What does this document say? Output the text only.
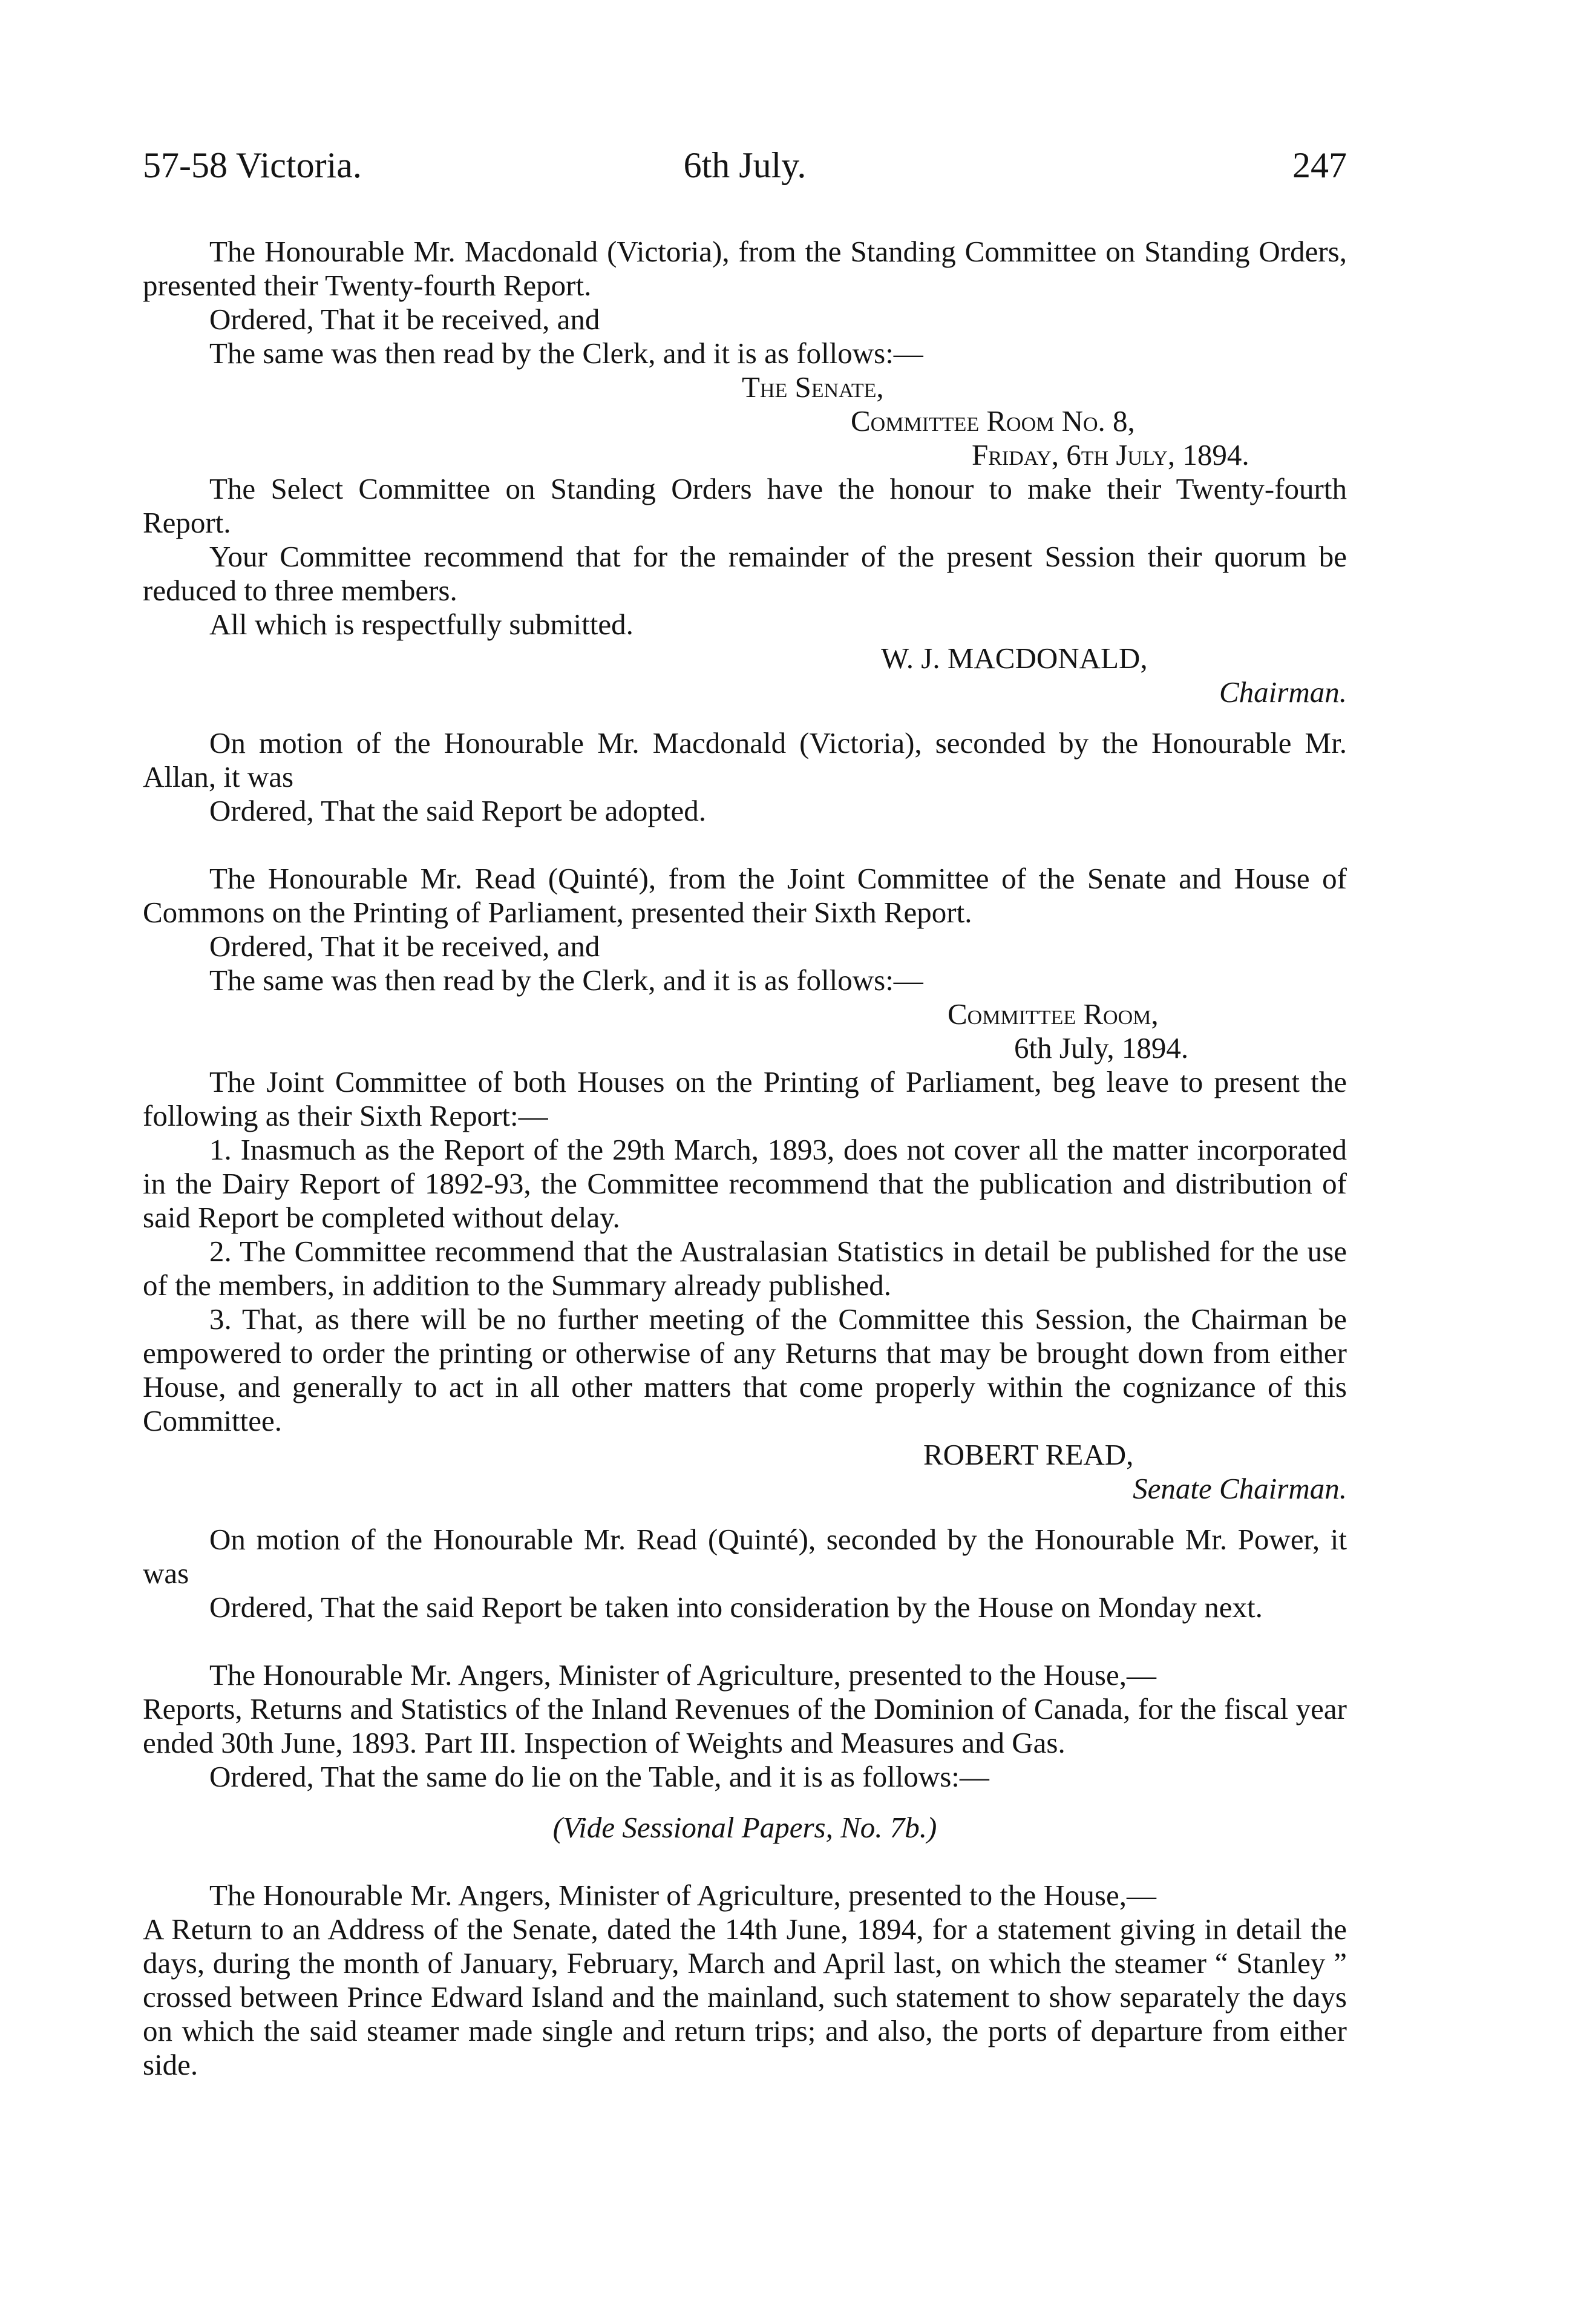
57-58 Victoria.	6th July.	247

The Honourable Mr. Macdonald (Victoria), from the Standing Committee on Standing Orders, presented their Twenty-fourth Report.

Ordered, That it be received, and

The same was then read by the Clerk, and it is as follows:—

The Senate,

Committee Room No. 8,

Friday, 6th July, 1894.

The Select Committee on Standing Orders have the honour to make their Twenty-fourth Report.

Your Committee recommend that for the remainder of the present Session their quorum be reduced to three members.

All which is respectfully submitted.

W. J. MACDONALD,

Chairman.

On motion of the Honourable Mr. Macdonald (Victoria), seconded by the Honourable Mr. Allan, it was

Ordered, That the said Report be adopted.

The Honourable Mr. Read (Quinté), from the Joint Committee of the Senate and House of Commons on the Printing of Parliament, presented their Sixth Report.

Ordered, That it be received, and

The same was then read by the Clerk, and it is as follows:—

Committee Room,

6th July, 1894.

The Joint Committee of both Houses on the Printing of Parliament, beg leave to present the following as their Sixth Report:—

1. Inasmuch as the Report of the 29th March, 1893, does not cover all the matter incorporated in the Dairy Report of 1892-93, the Committee recommend that the publication and distribution of said Report be completed without delay.

2. The Committee recommend that the Australasian Statistics in detail be published for the use of the members, in addition to the Summary already published.

3. That, as there will be no further meeting of the Committee this Session, the Chairman be empowered to order the printing or otherwise of any Returns that may be brought down from either House, and generally to act in all other matters that come properly within the cognizance of this Committee.

ROBERT READ,

Senate Chairman.

On motion of the Honourable Mr. Read (Quinté), seconded by the Honourable Mr. Power, it was

Ordered, That the said Report be taken into consideration by the House on Monday next.

The Honourable Mr. Angers, Minister of Agriculture, presented to the House,—

Reports, Returns and Statistics of the Inland Revenues of the Dominion of Canada, for the fiscal year ended 30th June, 1893. Part III. Inspection of Weights and Measures and Gas.

Ordered, That the same do lie on the Table, and it is as follows:—

(Vide Sessional Papers, No. 7b.)

The Honourable Mr. Angers, Minister of Agriculture, presented to the House,—

A Return to an Address of the Senate, dated the 14th June, 1894, for a statement giving in detail the days, during the month of January, February, March and April last, on which the steamer “ Stanley ” crossed between Prince Edward Island and the mainland, such statement to show separately the days on which the said steamer made single and return trips; and also, the ports of departure from either side.
